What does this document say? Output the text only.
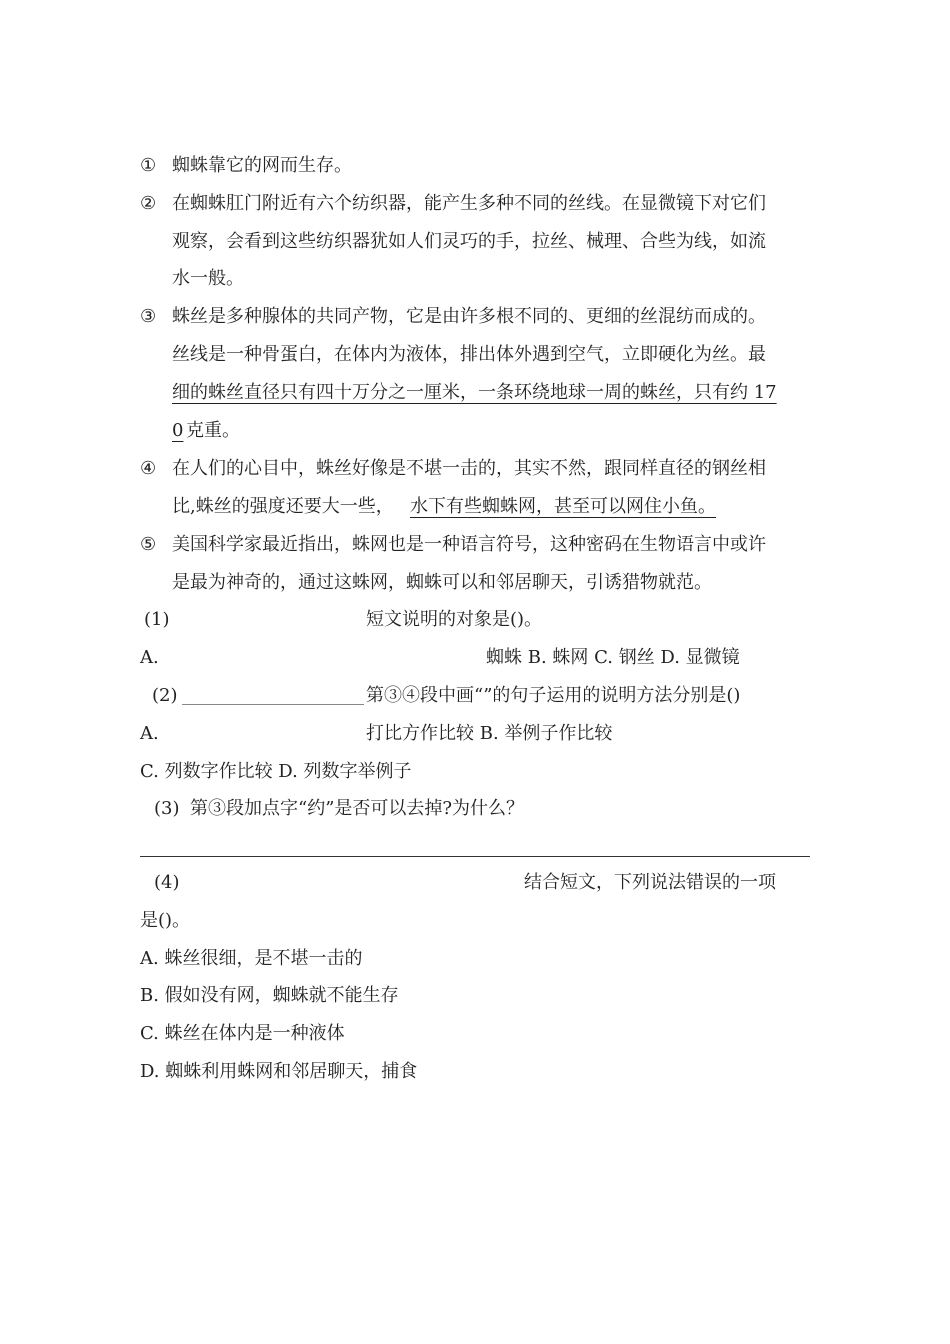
① 蜘蛛靠它的网而生存。
② 在蜘蛛肛门附近有六个纺织器，能产生多种不同的丝线。在显微镜下对它们
观察，会看到这些纺织器犹如人们灵巧的手，拉丝、械理、合些为线，如流
水一般。
③ 蛛丝是多种腺体的共同产物，它是由许多根不同的、更细的丝混纺而成的。
丝线是一种骨蛋白，在体内为液体，排出体外遇到空气，立即硬化为丝。最
细的蛛丝直径只有四十万分之一厘米，一条环绕地球一周的蛛丝，只有约 17
0 克重。
④ 在人们的心目中，蛛丝好像是不堪一击的，其实不然，跟同样直径的钢丝相
比,蛛丝的强度还要大一些， 水下有些蜘蛛网，甚至可以网住小鱼。
⑤ 美国科学家最近指出，蛛网也是一种语言符号，这种密码在生物语言中或许
是最为神奇的，通过这蛛网，蜘蛛可以和邻居聊天，引诱猎物就范。
(1)	短文说明的对象是()。
A.	蜘蛛 B. 蛛网 C. 钢丝 D. 显微镜
(2)	第③④段中画“”的句子运用的说明方法分别是()
A.	打比方作比较 B. 举例子作比较
C. 列数字作比较 D. 列数字举例子
(3) 第③段加点字“约”是否可以去掉?为什么？
(4)	结合短文，下列说法错误的一项
是()。
A. 蛛丝很细，是不堪一击的
B. 假如没有网，蜘蛛就不能生存
C. 蛛丝在体内是一种液体
D. 蜘蛛利用蛛网和邻居聊天，捕食
